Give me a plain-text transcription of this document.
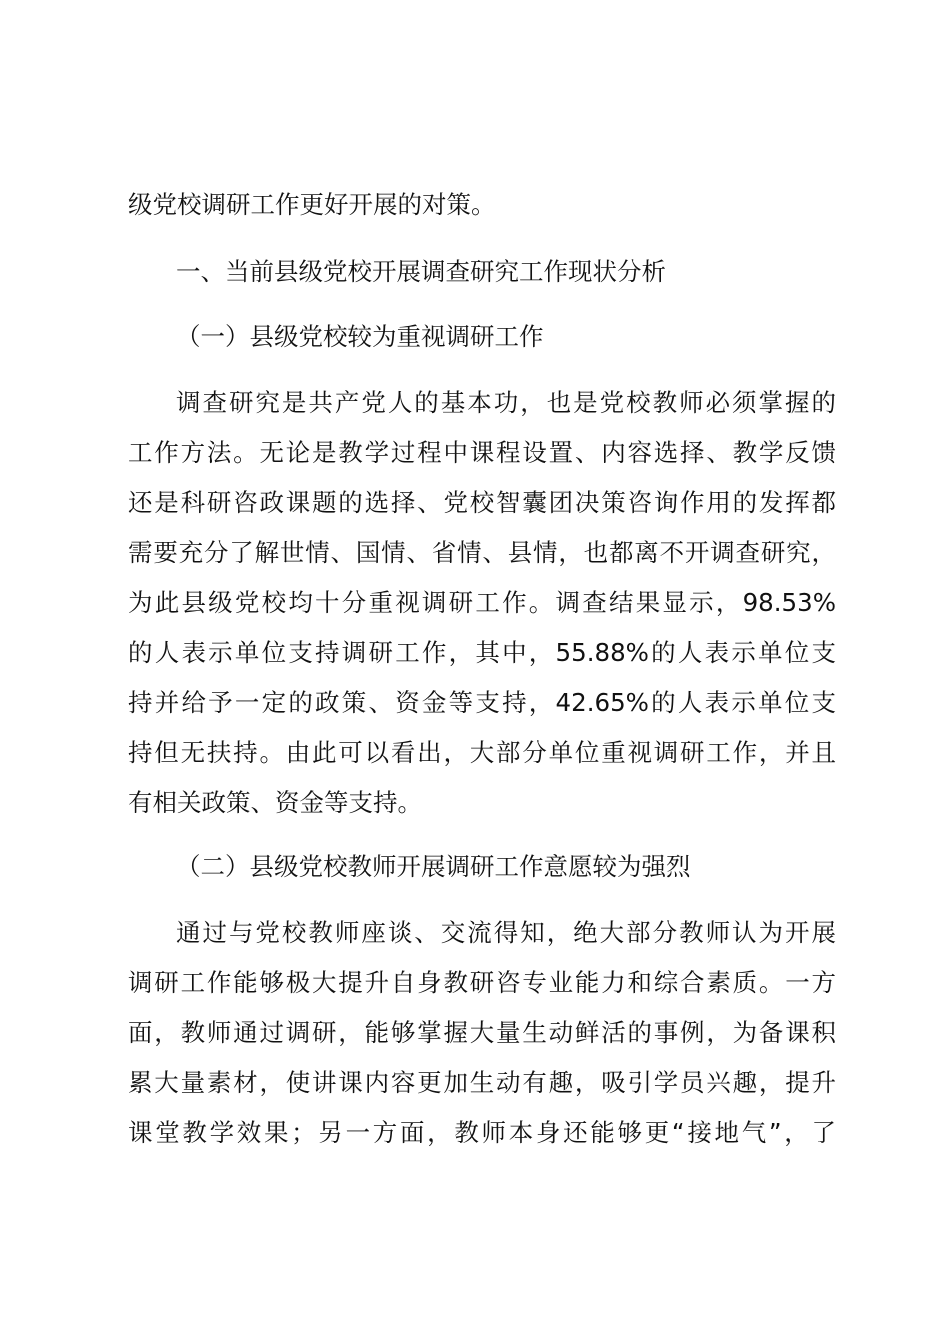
级党校调研工作更好开展的对策。
一、当前县级党校开展调查研究工作现状分析
（一）县级党校较为重视调研工作
调查研究是共产党人的基本功，也是党校教师必须掌握的
工作方法。无论是教学过程中课程设置、内容选择、教学反馈
还是科研咨政课题的选择、党校智囊团决策咨询作用的发挥都
需要充分了解世情、国情、省情、县情，也都离不开调查研究，
为此县级党校均十分重视调研工作。调查结果显示，98.53%
的人表示单位支持调研工作，其中，55.88%的人表示单位支
持并给予一定的政策、资金等支持，42.65%的人表示单位支
持但无扶持。由此可以看出，大部分单位重视调研工作，并且
有相关政策、资金等支持。
（二）县级党校教师开展调研工作意愿较为强烈
通过与党校教师座谈、交流得知，绝大部分教师认为开展
调研工作能够极大提升自身教研咨专业能力和综合素质。一方
面，教师通过调研，能够掌握大量生动鲜活的事例，为备课积
累大量素材，使讲课内容更加生动有趣，吸引学员兴趣，提升
课堂教学效果；另一方面，教师本身还能够更“接地气”，了
